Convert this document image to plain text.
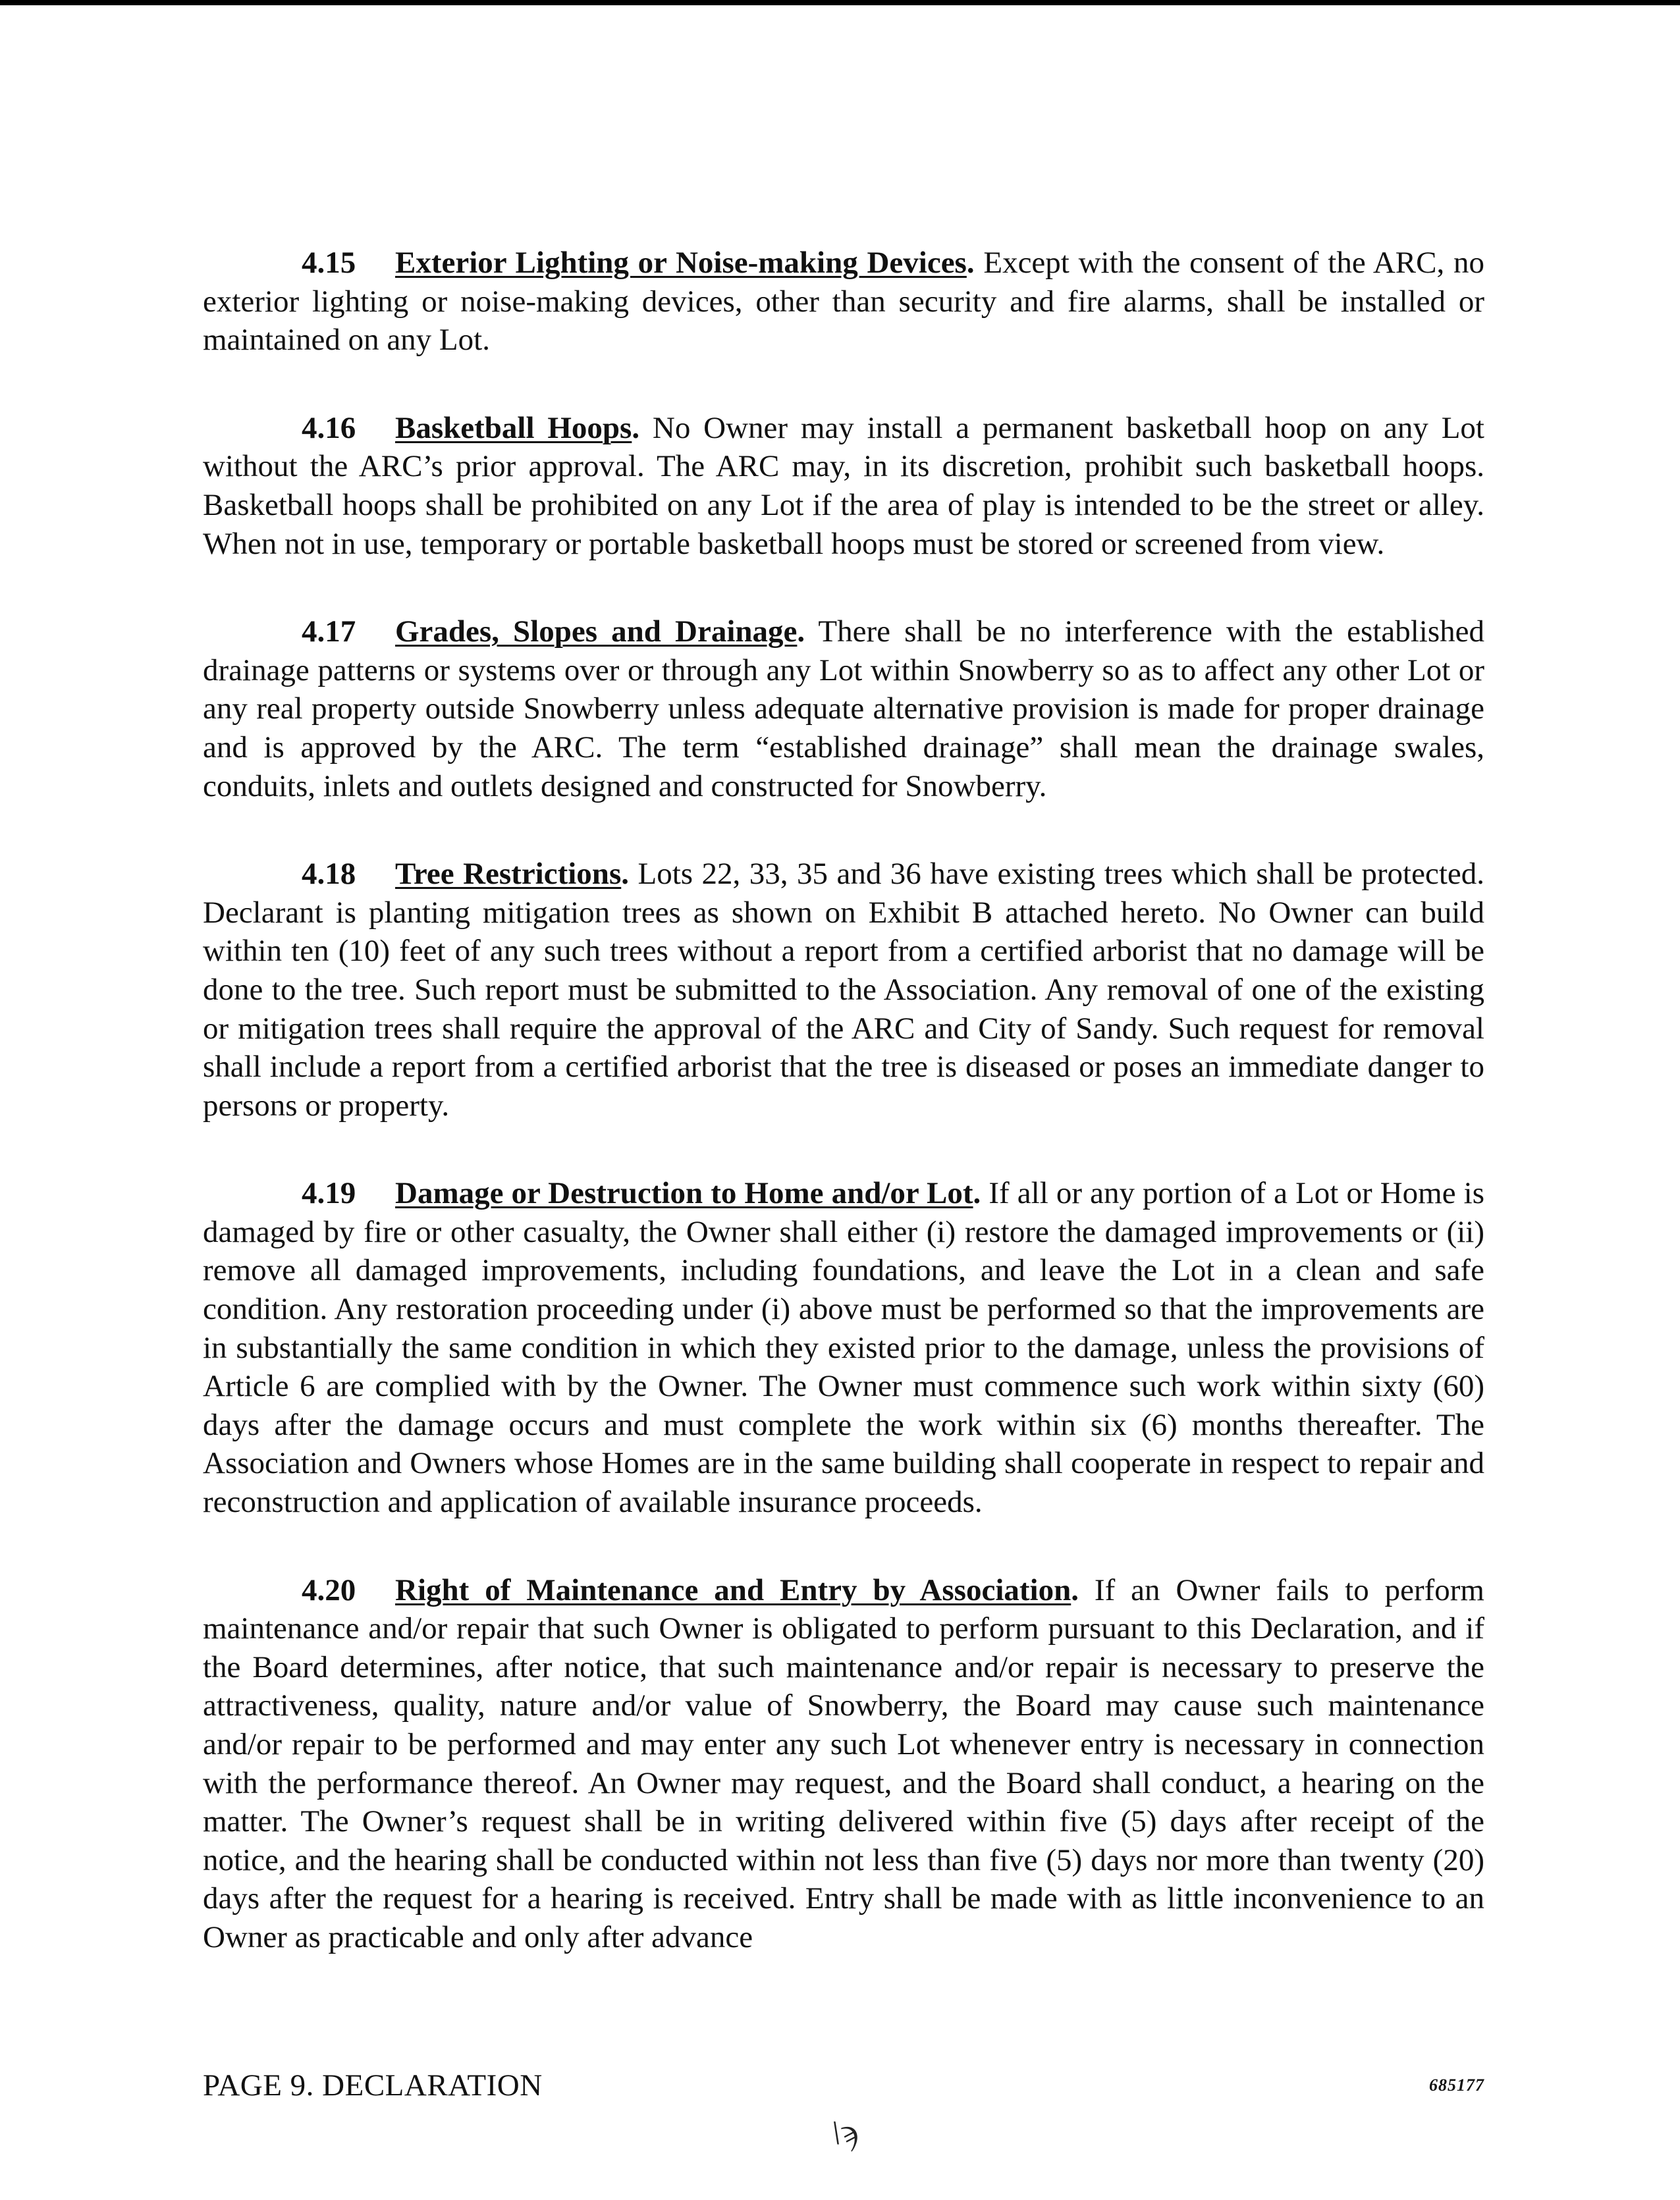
4.15 Exterior Lighting or Noise-making Devices. Except with the consent of the ARC, no exterior lighting or noise-making devices, other than security and fire alarms, shall be installed or maintained on any Lot.

4.16 Basketball Hoops. No Owner may install a permanent basketball hoop on any Lot without the ARC’s prior approval. The ARC may, in its discretion, prohibit such basketball hoops. Basketball hoops shall be prohibited on any Lot if the area of play is intended to be the street or alley. When not in use, temporary or portable basketball hoops must be stored or screened from view.

4.17 Grades, Slopes and Drainage. There shall be no interference with the established drainage patterns or systems over or through any Lot within Snowberry so as to affect any other Lot or any real property outside Snowberry unless adequate alternative provision is made for proper drainage and is approved by the ARC. The term “established drainage” shall mean the drainage swales, conduits, inlets and outlets designed and constructed for Snowberry.

4.18 Tree Restrictions. Lots 22, 33, 35 and 36 have existing trees which shall be protected. Declarant is planting mitigation trees as shown on Exhibit B attached hereto. No Owner can build within ten (10) feet of any such trees without a report from a certified arborist that no damage will be done to the tree. Such report must be submitted to the Association. Any removal of one of the existing or mitigation trees shall require the approval of the ARC and City of Sandy. Such request for removal shall include a report from a certified arborist that the tree is diseased or poses an immediate danger to persons or property.

4.19 Damage or Destruction to Home and/or Lot. If all or any portion of a Lot or Home is damaged by fire or other casualty, the Owner shall either (i) restore the damaged improvements or (ii) remove all damaged improvements, including foundations, and leave the Lot in a clean and safe condition. Any restoration proceeding under (i) above must be performed so that the improvements are in substantially the same condition in which they existed prior to the damage, unless the provisions of Article 6 are complied with by the Owner. The Owner must commence such work within sixty (60) days after the damage occurs and must complete the work within six (6) months thereafter. The Association and Owners whose Homes are in the same building shall cooperate in respect to repair and reconstruction and application of available insurance proceeds.

4.20 Right of Maintenance and Entry by Association. If an Owner fails to perform maintenance and/or repair that such Owner is obligated to perform pursuant to this Declaration, and if the Board determines, after notice, that such maintenance and/or repair is necessary to preserve the attractiveness, quality, nature and/or value of Snowberry, the Board may cause such maintenance and/or repair to be performed and may enter any such Lot whenever entry is necessary in connection with the performance thereof. An Owner may request, and the Board shall conduct, a hearing on the matter. The Owner’s request shall be in writing delivered within five (5) days after receipt of the notice, and the hearing shall be conducted within not less than five (5) days nor more than twenty (20) days after the request for a hearing is received. Entry shall be made with as little inconvenience to an Owner as practicable and only after advance

PAGE 9. DECLARATION	685177
\ϡ
